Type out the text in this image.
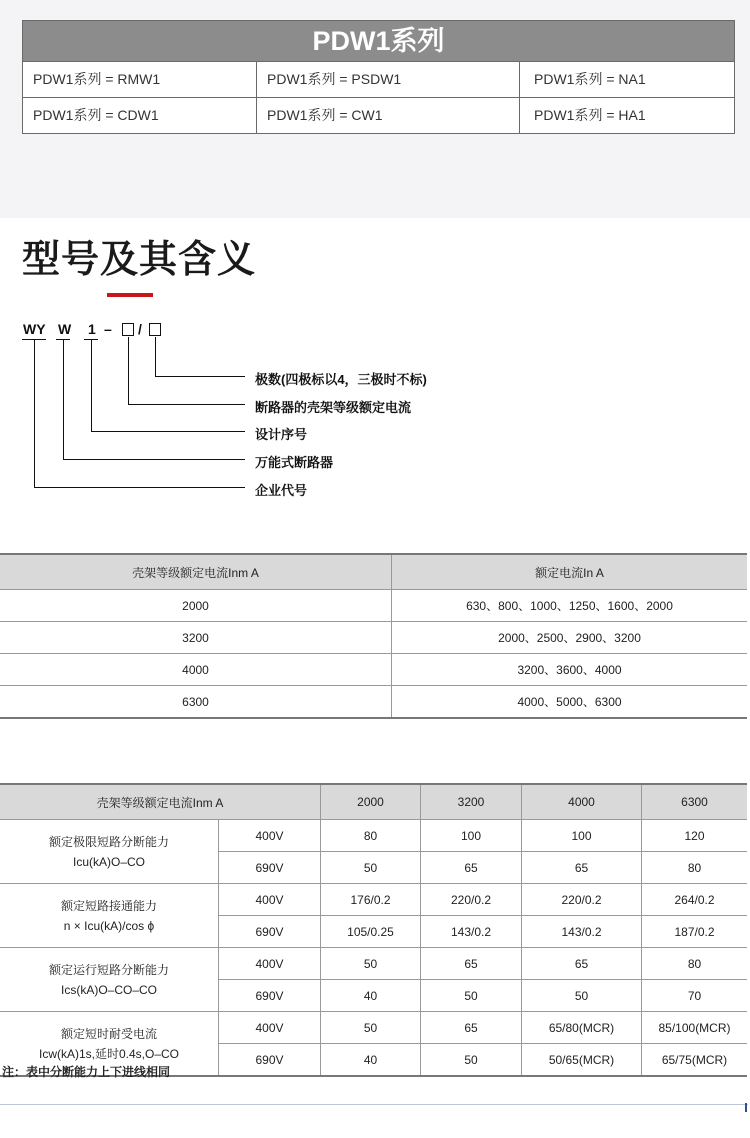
PDW1系列
PDW1系列 = RMW1	PDW1系列 = PSDW1	PDW1系列 = NA1
PDW1系列 = CDW1	PDW1系列 = CW1	PDW1系列 = HA1
型号及其含义
WY W 1 – /
极数(四极标以4，三极时不标)
断路器的壳架等级额定电流
设计序号
万能式断路器
企业代号
壳架等级额定电流Inm A	额定电流In A
2000	630、800、1000、1250、1600、2000
3200	2000、2500、2900、3200
4000	3200、3600、4000
6300	4000、5000、6300
壳架等级额定电流Inm A		2000	3200	4000	6300

额定极限短路分断能力
Icu(kA)O–CO	400V	80	100	100	120
	690V	50	65	65	80

额定短路接通能力
n × Icu(kA)/cos ϕ	400V	176/0.2	220/0.2	220/0.2	264/0.2
	690V	105/0.25	143/0.2	143/0.2	187/0.2

额定运行短路分断能力
Ics(kA)O–CO–CO	400V	50	65	65	80
	690V	40	50	50	70

额定短时耐受电流
Icw(kA)1s,延时0.4s,O–CO	400V	50	65	65/80(MCR)	85/100(MCR)
	690V	40	50	50/65(MCR)	65/75(MCR)
注：表中分断能力上下进线相同
